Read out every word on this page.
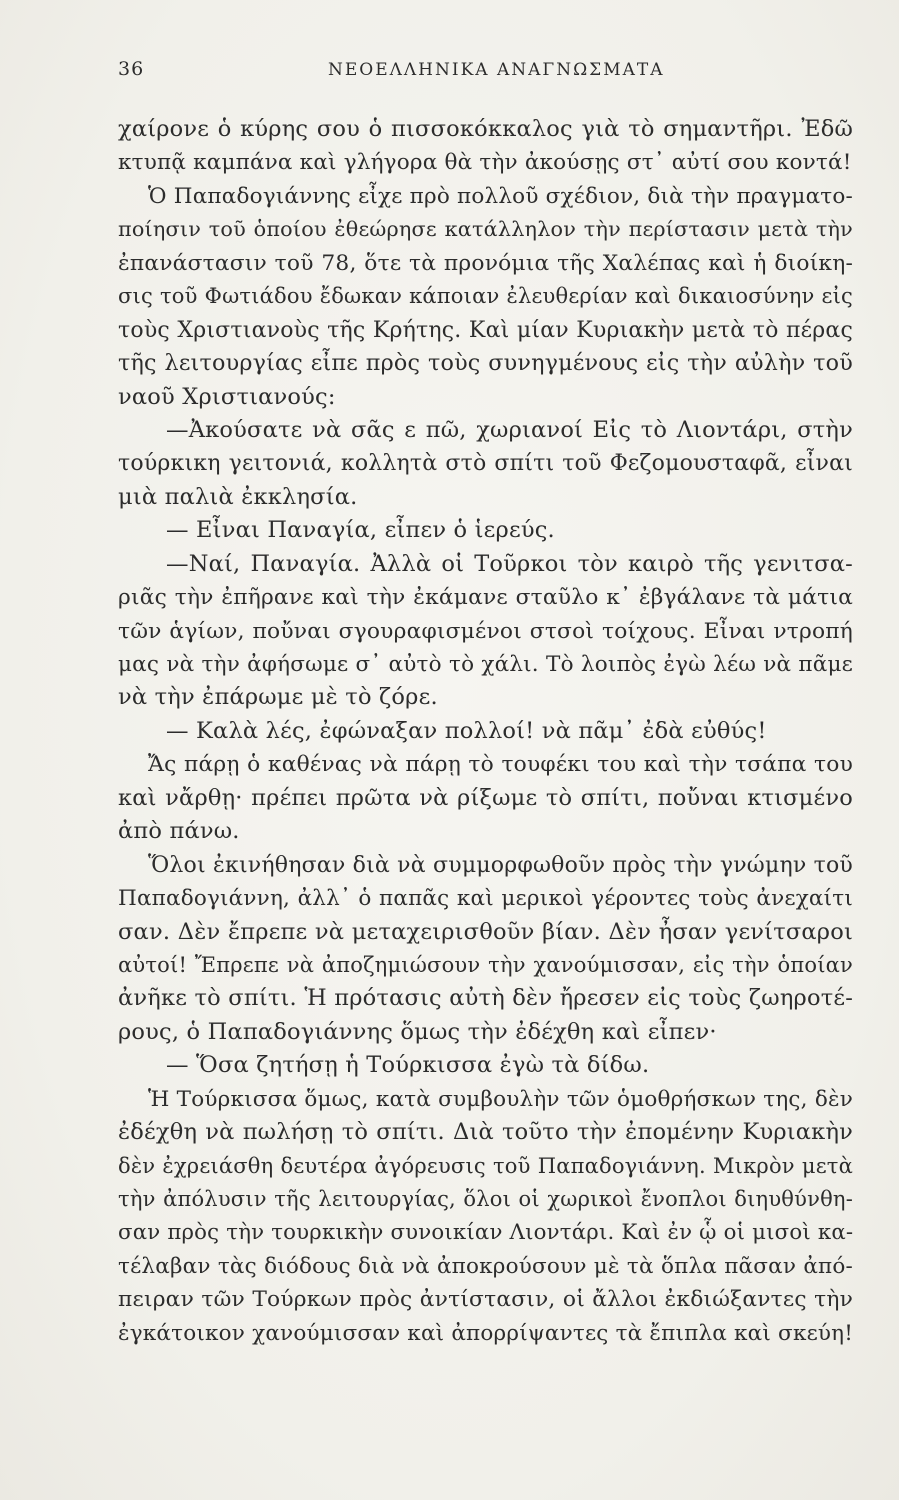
36	ΝΕΟΕΛΛΗΝΙΚΑ ΑΝΑΓΝΩΣΜΑΤΑ
χαίρονε ὁ κύρης σου ὁ πισσοκόκκαλος γιὰ τὸ σημαντῆρι. Ἐδῶ
κτυπᾷ καμπάνα καὶ γλήγορα θὰ τὴν ἀκούσῃς στ᾿ αὐτί σου κοντά!
Ὁ Παπαδογιάννης εἶχε πρὸ πολλοῦ σχέδιον, διὰ τὴν πραγματο-
ποίησιν τοῦ ὁποίου ἐθεώρησε κατάλληλον τὴν περίστασιν μετὰ τὴν
ἐπανάστασιν τοῦ 78, ὅτε τὰ προνόμια τῆς Χαλέπας καὶ ἡ διοίκη-
σις τοῦ Φωτιάδου ἔδωκαν κάποιαν ἐλευθερίαν καὶ δικαιοσύνην εἰς
τοὺς Χριστιανοὺς τῆς Κρήτης. Καὶ μίαν Κυριακὴν μετὰ τὸ πέρας
τῆς λειτουργίας εἶπε πρὸς τοὺς συνηγμένους εἰς τὴν αὐλὴν τοῦ
ναοῦ Χριστιανούς:
—Ἀκούσατε νὰ σᾶς ε πῶ, χωριανοί Εἰς τὸ Λιοντάρι, στὴν
τούρκικη γειτονιά, κολλητὰ στὸ σπίτι τοῦ Φεζομουσταφᾶ, εἶναι
μιὰ παλιὰ ἐκκλησία.
— Εἶναι Παναγία, εἶπεν ὁ ἱερεύς.
—Ναί, Παναγία. Ἀλλὰ οἱ Τοῦρκοι τὸν καιρὸ τῆς γενιτσα-
ριᾶς τὴν ἐπῆρανε καὶ τὴν ἐκάμανε σταῦλο κ᾿ ἐβγάλανε τὰ μάτια
τῶν ἁγίων, ποὔναι σγουραφισμένοι στσοὶ τοίχους. Εἶναι ντροπή
μας νὰ τὴν ἀφήσωμε σ᾿ αὐτὸ τὸ χάλι. Τὸ λοιπὸς ἐγὼ λέω νὰ πᾶμε
νὰ τὴν ἐπάρωμε μὲ τὸ ζόρε.
— Καλὰ λές, ἐφώναξαν πολλοί! νὰ πᾶμ᾿ ἐδὰ εὐθύς!
Ἄς πάρῃ ὁ καθένας νὰ πάρῃ τὸ τουφέκι του καὶ τὴν τσάπα του
καὶ νἄρθῃ· πρέπει πρῶτα νὰ ρίξωμε τὸ σπίτι, ποὔναι κτισμένο
ἀπὸ πάνω.
Ὅλοι ἐκινήθησαν διὰ νὰ συμμορφωθοῦν πρὸς τὴν γνώμην τοῦ
Παπαδογιάννη, ἀλλ᾿ ὁ παπᾶς καὶ μερικοὶ γέροντες τοὺς ἀνεχαίτι
σαν. Δὲν ἔπρεπε νὰ μεταχειρισθοῦν βίαν. Δὲν ἦσαν γενίτσαροι
αὐτοί! Ἔπρεπε νὰ ἀποζημιώσουν τὴν χανούμισσαν, εἰς τὴν ὁποίαν
ἀνῆκε τὸ σπίτι. Ἡ πρότασις αὐτὴ δὲν ἤρεσεν εἰς τοὺς ζωηροτέ-
ρους, ὁ Παπαδογιάννης ὅμως τὴν ἐδέχθη καὶ εἶπεν·
— Ὅσα ζητήσῃ ἡ Τούρκισσα ἐγὼ τὰ δίδω.
Ἡ Τούρκισσα ὅμως, κατὰ συμβουλὴν τῶν ὁμοθρήσκων της, δὲν
ἐδέχθη νὰ πωλήσῃ τὸ σπίτι. Διὰ τοῦτο τὴν ἐπομένην Κυριακὴν
δὲν ἐχρειάσθη δευτέρα ἀγόρευσις τοῦ Παπαδογιάννη. Μικρὸν μετὰ
τὴν ἀπόλυσιν τῆς λειτουργίας, ὅλοι οἱ χωρικοὶ ἔνοπλοι διηυθύνθη-
σαν πρὸς τὴν τουρκικὴν συνοικίαν Λιοντάρι. Καὶ ἐν ᾧ οἱ μισοὶ κα-
τέλαβαν τὰς διόδους διὰ νὰ ἀποκρούσουν μὲ τὰ ὅπλα πᾶσαν ἀπό-
πειραν τῶν Τούρκων πρὸς ἀντίστασιν, οἱ ἄλλοι ἐκδιώξαντες τὴν
ἐγκάτοικον χανούμισσαν καὶ ἀπορρίψαντες τὰ ἔπιπλα καὶ σκεύη!
